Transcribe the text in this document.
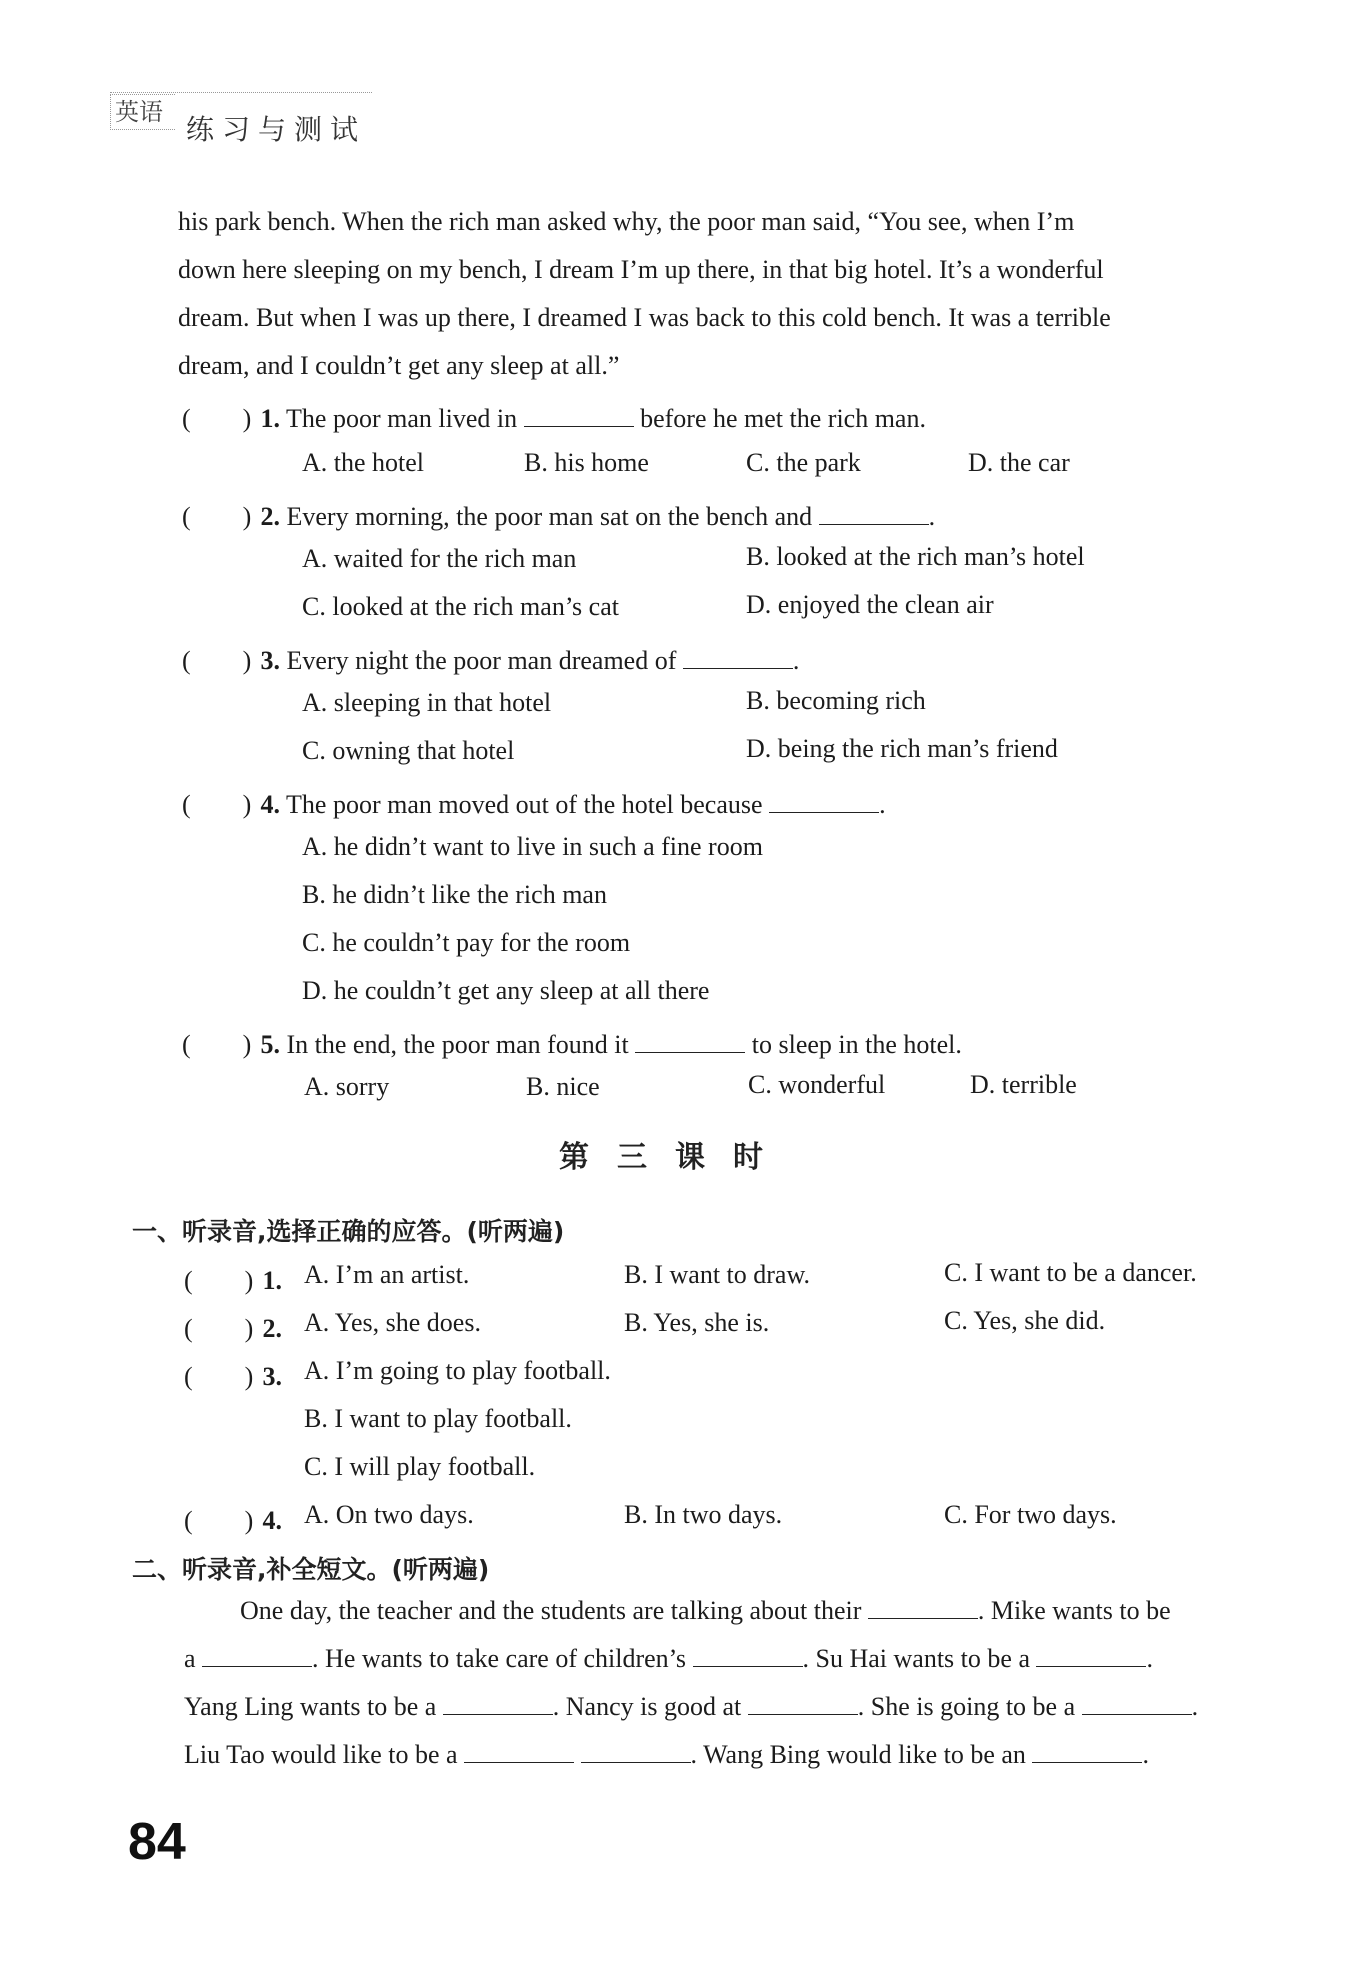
英语
练习与测试
his park bench. When the rich man asked why, the poor man said, “You see, when I’m
down here sleeping on my bench, I dream I’m up there, in that big hotel. It’s a wonderful
dream. But when I was up there, I dreamed I was back to this cold bench. It was a terrible
dream, and I couldn’t get any sleep at all.”
(　　) 1. The poor man lived in	before he met the rich man.
A. the hotel	B. his home	C. the park	D. the car
(　　) 2. Every morning, the poor man sat on the bench and	.
A. waited for the rich man	B. looked at the rich man’s hotel
C. looked at the rich man’s cat	D. enjoyed the clean air
(　　) 3. Every night the poor man dreamed of	.
A. sleeping in that hotel	B. becoming rich
C. owning that hotel	D. being the rich man’s friend
(　　) 4. The poor man moved out of the hotel because	.
A. he didn’t want to live in such a fine room
B. he didn’t like the rich man
C. he couldn’t pay for the room
D. he couldn’t get any sleep at all there
(　　) 5. In the end, the poor man found it	to sleep in the hotel.
A. sorry	B. nice	C. wonderful	D. terrible
第三课时
一、听录音,选择正确的应答。(听两遍)
(　　) 1. A. I’m an artist.	B. I want to draw.	C. I want to be a dancer.
(　　) 2. A. Yes, she does.	B. Yes, she is.	C. Yes, she did.
(　　) 3. A. I’m going to play football.
B. I want to play football.
C. I will play football.
(　　) 4. A. On two days.	B. In two days.	C. For two days.
二、听录音,补全短文。(听两遍)
One day, the teacher and the students are talking about their	. Mike wants to be
a	. He wants to take care of children’s	. Su Hai wants to be a	.
Yang Ling wants to be a	. Nancy is good at	. She is going to be a	.
Liu Tao would like to be a	. Wang Bing would like to be an	.
84
